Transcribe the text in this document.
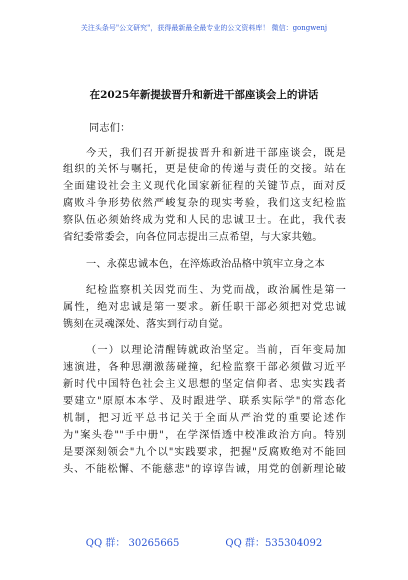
关注头条号"公文研究"，获得最新最全最专业的公文资料库！ 微信：gongwenj
在2025年新提拔晋升和新进干部座谈会上的讲话
同志们：
今天，我们召开新提拔晋升和新进干部座谈会，既是
组织的关怀与嘱托，更是使命的传递与责任的交接。站在
全面建设社会主义现代化国家新征程的关键节点，面对反
腐败斗争形势依然严峻复杂的现实考验，我们这支纪检监
察队伍必须始终成为党和人民的忠诚卫士。在此，我代表
省纪委常委会，向各位同志提出三点希望，与大家共勉。
一、永葆忠诚本色，在淬炼政治品格中筑牢立身之本
纪检监察机关因党而生、为党而战，政治属性是第一
属性，绝对忠诚是第一要求。新任职干部必须把对党忠诚
镌刻在灵魂深处、落实到行动自觉。
（一）以理论清醒铸就政治坚定。当前，百年变局加
速演进，各种思潮激荡碰撞，纪检监察干部必须做习近平
新时代中国特色社会主义思想的坚定信仰者、忠实实践者
要建立"原原本本学、及时跟进学、联系实际学"的常态化
机制，把习近平总书记关于全面从严治党的重要论述作
为"案头卷""手中册"，在学深悟透中校准政治方向。特别
是要深刻领会"九个以"实践要求，把握"反腐败绝对不能回
头、不能松懈、不能慈悲"的谆谆告诫，用党的创新理论破
QQ 群： 30265665	QQ 群：535304092
